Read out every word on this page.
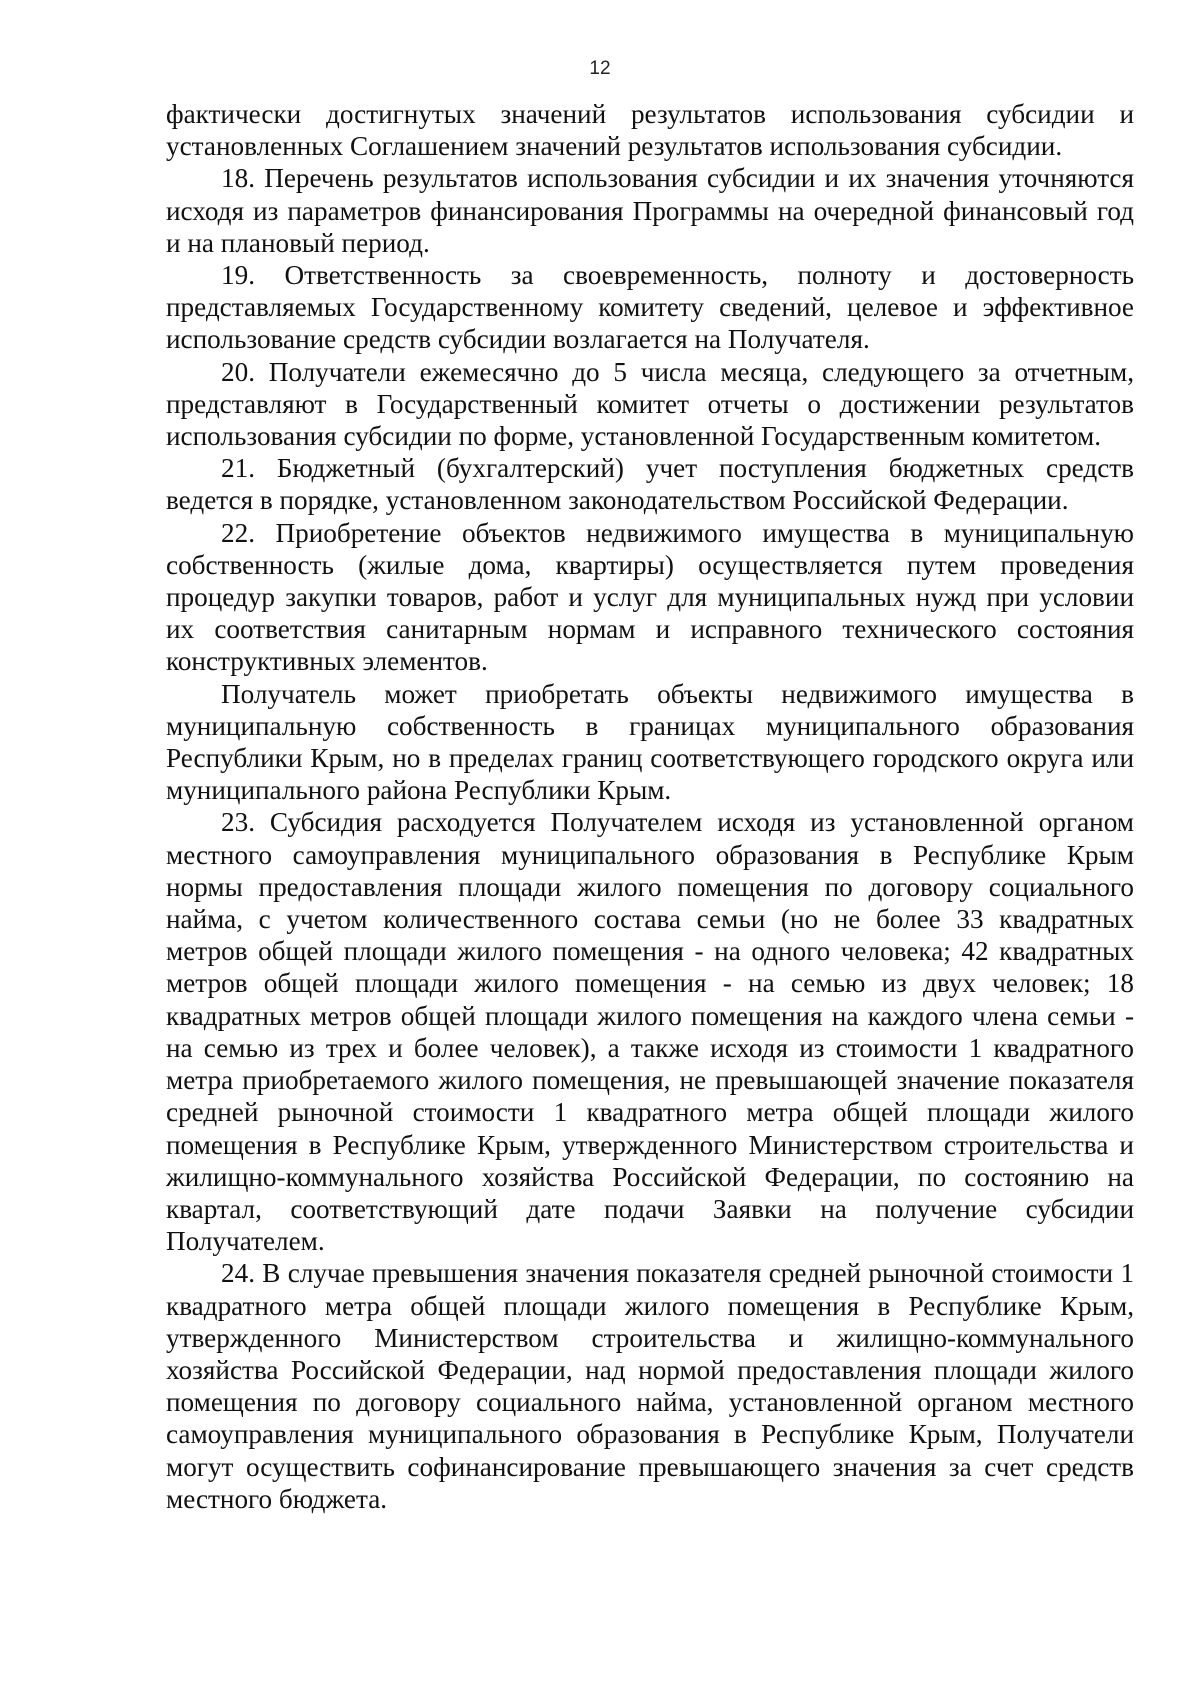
12

фактически достигнутых значений результатов использования субсидии и установленных Соглашением значений результатов использования субсидии.

18. Перечень результатов использования субсидии и их значения уточняются исходя из параметров финансирования Программы на очередной финансовый год и на плановый период.

19. Ответственность за своевременность, полноту и достоверность представляемых Государственному комитету сведений, целевое и эффективное использование средств субсидии возлагается на Получателя.

20. Получатели ежемесячно до 5 числа месяца, следующего за отчетным, представляют в Государственный комитет отчеты о достижении результатов использования субсидии по форме, установленной Государственным комитетом.

21. Бюджетный (бухгалтерский) учет поступления бюджетных средств ведется в порядке, установленном законодательством Российской Федерации.

22. Приобретение объектов недвижимого имущества в муниципальную собственность (жилые дома, квартиры) осуществляется путем проведения процедур закупки товаров, работ и услуг для муниципальных нужд при условии их соответствия санитарным нормам и исправного технического состояния конструктивных элементов.

Получатель может приобретать объекты недвижимого имущества в муниципальную собственность в границах муниципального образования Республики Крым, но в пределах границ соответствующего городского округа или муниципального района Республики Крым.

23. Субсидия расходуется Получателем исходя из установленной органом местного самоуправления муниципального образования в Республике Крым нормы предоставления площади жилого помещения по договору социального найма, с учетом количественного состава семьи (но не более 33 квадратных метров общей площади жилого помещения - на одного человека; 42 квадратных метров общей площади жилого помещения - на семью из двух человек; 18 квадратных метров общей площади жилого помещения на каждого члена семьи - на семью из трех и более человек), а также исходя из стоимости 1 квадратного метра приобретаемого жилого помещения, не превышающей значение показателя средней рыночной стоимости 1 квадратного метра общей площади жилого помещения в Республике Крым, утвержденного Министерством строительства и жилищно-коммунального хозяйства Российской Федерации, по состоянию на квартал, соответствующий дате подачи Заявки на получение субсидии Получателем.

24. В случае превышения значения показателя средней рыночной стоимости 1 квадратного метра общей площади жилого помещения в Республике Крым, утвержденного Министерством строительства и жилищно-коммунального хозяйства Российской Федерации, над нормой предоставления площади жилого помещения по договору социального найма, установленной органом местного самоуправления муниципального образования в Республике Крым, Получатели могут осуществить софинансирование превышающего значения за счет средств местного бюджета.
